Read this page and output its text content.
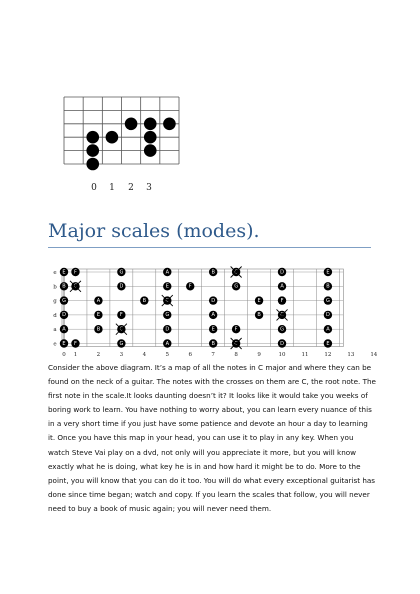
0	1	2	3
Major scales (modes).
e
b
g
d
a
e
E F	G	A	B	D	E
B	D	E	F	G	A	B
G	A	B	D	E	F	G
D	E	F	G	A	B	D
A	B	D	E	F	G	A
E F	G	A	B	D	E
0 1	2	3	4	5	6	7	8	9	10	11	12	13	14

Consider the above diagram. It’s a map of all the notes in C major and where they can be found on the neck of a guitar. The notes with the crosses on them are C, the root note. The first note in the scale.It looks daunting doesn’t it? It looks like it would take you weeks of boring work to learn. You have nothing to worry about, you can learn every nuance of this in a very short time if you just have some patience and devote an hour a day to learning it. Once you have this map in your head, you can use it to play in any key. When you watch Steve Vai play on a dvd, not only will you appreciate it more, but you will know exactly what he is doing, what key he is in and how hard it might be to do. More to the point, you will know that you can do it too. You will do what every exceptional guitarist has done since time began; watch and copy. If you learn the scales that follow, you will never need to buy a book of music again; you will never need them.
